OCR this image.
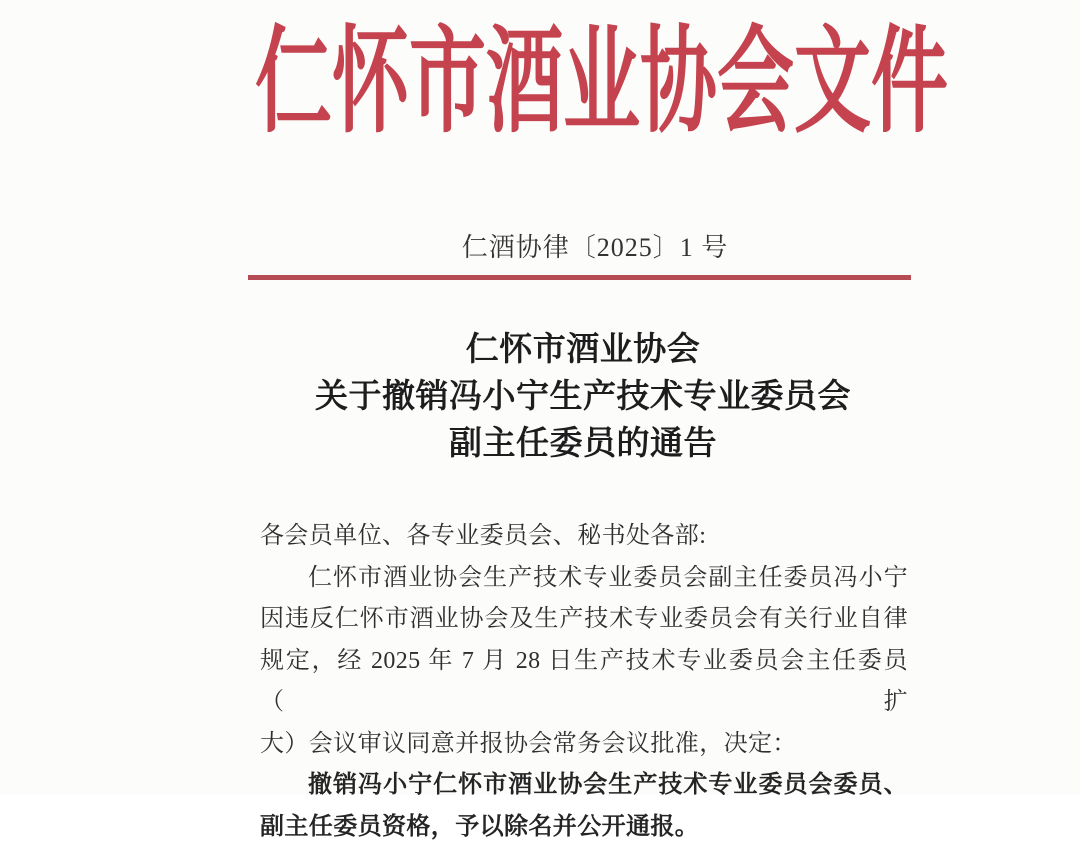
仁怀市酒业协会文件
仁酒协律〔2025〕1 号
仁怀市酒业协会
关于撤销冯小宁生产技术专业委员会
副主任委员的通告
各会员单位、各专业委员会、秘书处各部:
仁怀市酒业协会生产技术专业委员会副主任委员冯小宁
因违反仁怀市酒业协会及生产技术专业委员会有关行业自律
规定，经 2025 年 7 月 28 日生产技术专业委员会主任委员（扩
大）会议审议同意并报协会常务会议批准，决定：
撤销冯小宁仁怀市酒业协会生产技术专业委员会委员、
副主任委员资格，予以除名并公开通报。
